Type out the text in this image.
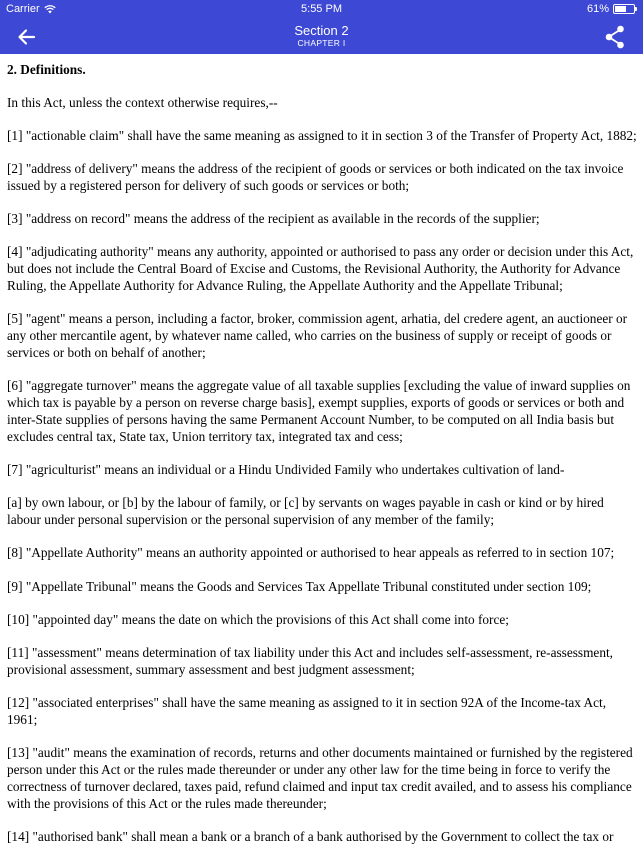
Carrier	5:55 PM	61%
Section 2
CHAPTER I
2. Definitions.

In this Act, unless the context otherwise requires,--

[1] "actionable claim" shall have the same meaning as assigned to it in section 3 of the Transfer of Property Act, 1882;

[2] "address of delivery" means the address of the recipient of goods or services or both indicated on the tax invoice issued by a registered person for delivery of such goods or services or both;

[3] "address on record" means the address of the recipient as available in the records of the supplier;

[4] "adjudicating authority" means any authority, appointed or authorised to pass any order or decision under this Act, but does not include the Central Board of Excise and Customs, the Revisional Authority, the Authority for Advance Ruling, the Appellate Authority for Advance Ruling, the Appellate Authority and the Appellate Tribunal;

[5] "agent" means a person, including a factor, broker, commission agent, arhatia, del credere agent, an auctioneer or any other mercantile agent, by whatever name called, who carries on the business of supply or receipt of goods or services or both on behalf of another;

[6] "aggregate turnover" means the aggregate value of all taxable supplies [excluding the value of inward supplies on which tax is payable by a person on reverse charge basis], exempt supplies, exports of goods or services or both and inter-State supplies of persons having the same Permanent Account Number, to be computed on all India basis but excludes central tax, State tax, Union territory tax, integrated tax and cess;

[7] "agriculturist" means an individual or a Hindu Undivided Family who undertakes cultivation of land-

[a] by own labour, or [b] by the labour of family, or [c] by servants on wages payable in cash or kind or by hired labour under personal supervision or the personal supervision of any member of the family;

[8] "Appellate Authority" means an authority appointed or authorised to hear appeals as referred to in section 107;

[9] "Appellate Tribunal" means the Goods and Services Tax Appellate Tribunal constituted under section 109;

[10] "appointed day" means the date on which the provisions of this Act shall come into force;

[11] "assessment" means determination of tax liability under this Act and includes self-assessment, re-assessment, provisional assessment, summary assessment and best judgment assessment;

[12] "associated enterprises" shall have the same meaning as assigned to it in section 92A of the Income-tax Act, 1961;

[13] "audit" means the examination of records, returns and other documents maintained or furnished by the registered person under this Act or the rules made thereunder or under any other law for the time being in force to verify the correctness of turnover declared, taxes paid, refund claimed and input tax credit availed, and to assess his compliance with the provisions of this Act or the rules made thereunder;

[14] "authorised bank" shall mean a bank or a branch of a bank authorised by the Government to collect the tax or
